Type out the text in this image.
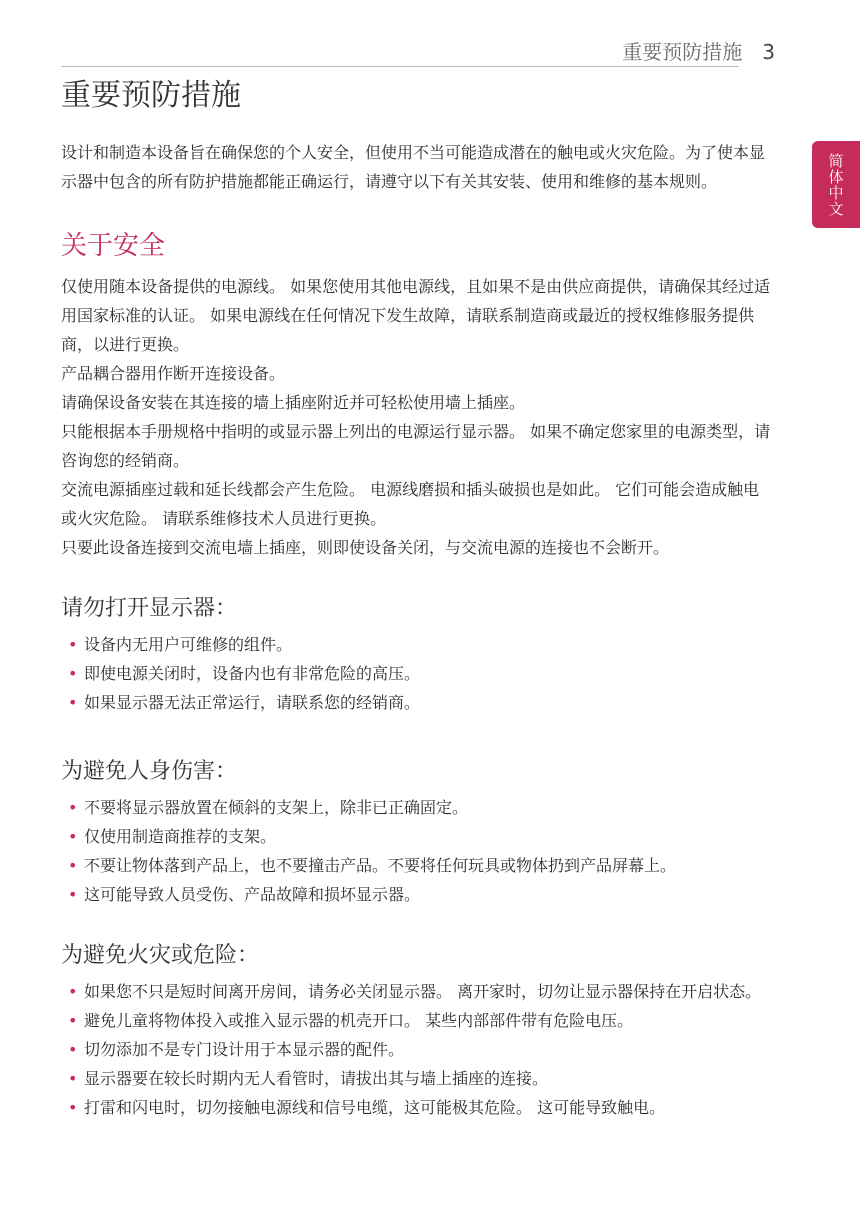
重要预防措施 3
重要预防措施
简体中文

设计和制造本设备旨在确保您的个人安全，但使用不当可能造成潜在的触电或火灾危险。为了使本显示器中包含的所有防护措施都能正确运行，请遵守以下有关其安装、使用和维修的基本规则。

关于安全

仅使用随本设备提供的电源线。 如果您使用其他电源线，且如果不是由供应商提供，请确保其经过适用国家标准的认证。 如果电源线在任何情况下发生故障，请联系制造商或最近的授权维修服务提供商，以进行更换。

产品耦合器用作断开连接设备。

请确保设备安装在其连接的墙上插座附近并可轻松使用墙上插座。

只能根据本手册规格中指明的或显示器上列出的电源运行显示器。 如果不确定您家里的电源类型，请咨询您的经销商。

交流电源插座过载和延长线都会产生危险。 电源线磨损和插头破损也是如此。 它们可能会造成触电或火灾危险。 请联系维修技术人员进行更换。

只要此设备连接到交流电墙上插座，则即使设备关闭，与交流电源的连接也不会断开。

请勿打开显示器：
• 设备内无用户可维修的组件。
• 即使电源关闭时，设备内也有非常危险的高压。
• 如果显示器无法正常运行，请联系您的经销商。
为避免人身伤害：
• 不要将显示器放置在倾斜的支架上，除非已正确固定。
• 仅使用制造商推荐的支架。
• 不要让物体落到产品上，也不要撞击产品。不要将任何玩具或物体扔到产品屏幕上。
• 这可能导致人员受伤、产品故障和损坏显示器。
为避免火灾或危险：
• 如果您不只是短时间离开房间，请务必关闭显示器。 离开家时，切勿让显示器保持在开启状态。
• 避免儿童将物体投入或推入显示器的机壳开口。 某些内部部件带有危险电压。
• 切勿添加不是专门设计用于本显示器的配件。
• 显示器要在较长时期内无人看管时，请拔出其与墙上插座的连接。
• 打雷和闪电时，切勿接触电源线和信号电缆，这可能极其危险。 这可能导致触电。
